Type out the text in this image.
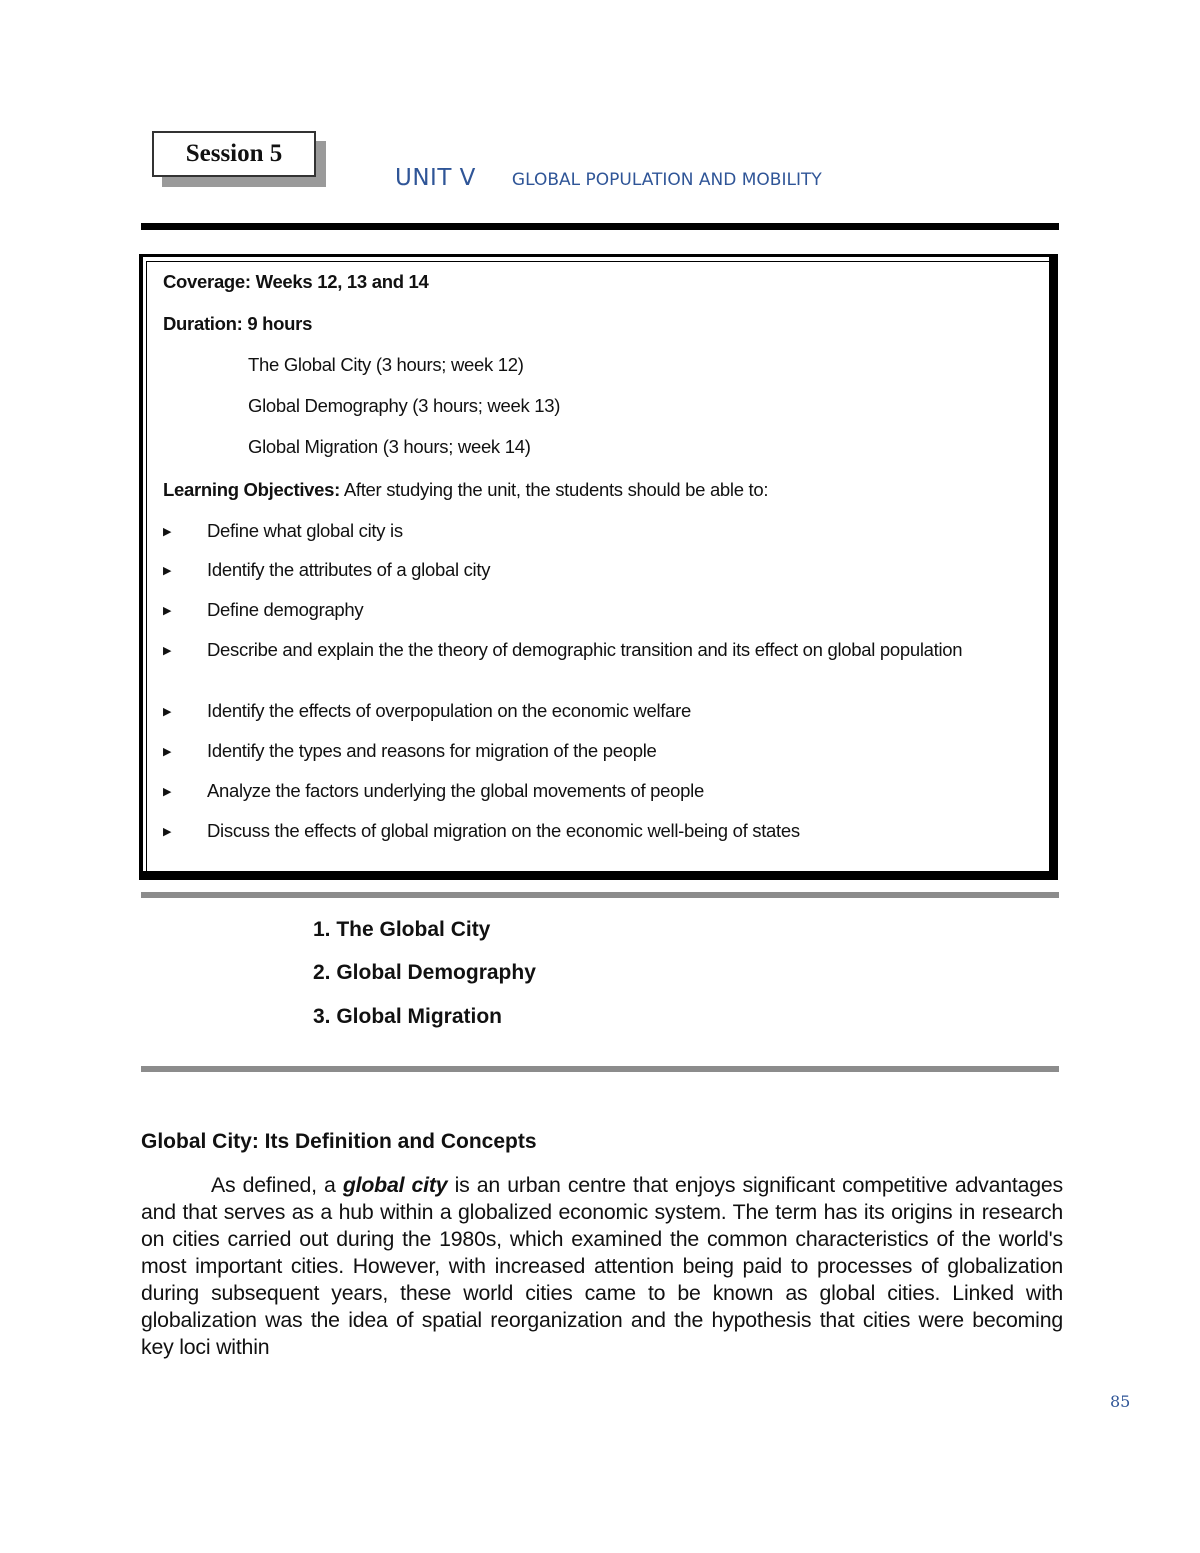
Session 5
UNIT V GLOBAL POPULATION AND MOBILITY
Coverage: Weeks 12, 13 and 14
Duration: 9 hours
The Global City (3 hours; week 12)
Global Demography (3 hours; week 13)
Global Migration (3 hours; week 14)
Learning Objectives: After studying the unit, the students should be able to:
▶	Define what global city is
▶	Identify the attributes of a global city
▶	Define demography
▶	Describe and explain the the theory of demographic transition and its effect on global population
▶	Identify the effects of overpopulation on the economic welfare
▶	Identify the types and reasons for migration of the people
▶	Analyze the factors underlying the global movements of people
▶	Discuss the effects of global migration on the economic well-being of states
1. The Global City
2. Global Demography
3. Global Migration
Global City: Its Definition and Concepts
As defined, a global city is an urban centre that enjoys significant competitive advantages and that serves as a hub within a globalized economic system. The term has its origins in research on cities carried out during the 1980s, which examined the common characteristics of the world's most important cities. However, with increased attention being paid to processes of globalization during subsequent years, these world cities came to be known as global cities. Linked with globalization was the idea of spatial reorganization and the hypothesis that cities were becoming key loci within
85
